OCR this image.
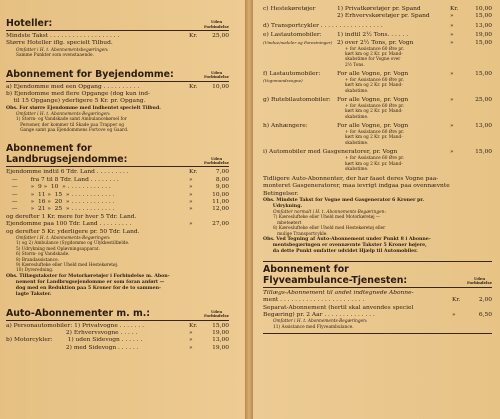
Hoteller:	Uden
Forbindelse
Mindste Takst . . . . . . . . . . . . . . . . . . .	Kr.	25,00
Større Hoteller iflg. specielt Tilbud.
Omfatter i H. t. Abonnementsbegæringen:
Samme Punkter som ovenstaaende.
Abonnement for Byejendomme:	Uden
Forbindelse
a) Ejendomme med een Opgang . . . . . . . . . .	Kr.	10,00
b) Ejendomme med flere Opgange (dog kun ind-
til 15 Opgange) yderligere 5 Kr. pr. Opgang.
Obs. For større Ejendomme med Indhentet specielt Tilbud.
Omfatter i H. t. Abonnements-Begæringen:
1) Storm- og Vandskade samt Ambulancekørsel for
Personer, der kommer til Skade paa Trapper og
Gange samt paa Ejendommens Fortove og Gaard.
Abonnement for
Landbrugsejendomme:	Uden
Forbindelse
Ejendomme indtil 6 Tdr. Land . . . . . . . . .	Kr.	7,00
—       fra 7 til 8 Tdr. Land . . . . . . . .	»	8,00
—       »  9 »  10  » . . . . . . . . . . . .	»	9,00
—       »  11 »  15  » . . . . . . . . . . . .	»	10,00
—       »  16 »  20  » . . . . . . . . . . . .	»	11,00
—       »  21 »  25  » . . . . . . . . . . . .	»	12,00
og derefter 1 Kr. mere for hver 5 Tdr. Land.
Ejendomme paa 100 Tdr. Land . . . . . . . . .	»	27,00
og derefter 5 Kr. yderligere pr. 50 Tdr. Land.
Omfatter i H. t. Abonnements-Begæringen:
1) og 2) Ambulance (Sygdomme og Ulykkestilfælde.
5) Udrykning med Opløvningsapparat.
6) Storm- og Vandskade.
8) Brandassistance.
9) Kæreslufteke eller Uheld med Hestekøretøj.
10) Dyreredning.
Obs. Tillægstakster for Motorkøretøjer i Forbindelse m. Abon-
nement for Landbrugsejendomme er som foran anført —
dog med en Reduktion paa 5 Kroner for de to sammen-
lagte Takster.
Auto-Abonnementer m. m.:	Uden
Forbindelse
a) Personautomobiler: 1) Privatvogne . . . . . . .	Kr.	15,00
2) Erhvervsvogne . . . . .	»	19,00
b) Motorcykler:        1) uden Sidevogn . . . . . .	»	13,00
2) med Sidevogn . . . . . .	»	19,00
c) Hestekøretøjer	1) Privatkøretøjer pr. Spand	Kr.	10,00
2) Erhvervskøretøjer pr. Spand	»	15,00
d) Transportcykler . . . . . . . . . . . . . . . . .	»	13,00
e) Lastautomobiler:	1) indtil 2½ Tons. . . . . .	»	19,00
(Vindue/nedeler og Forestninger) 2) over 2½ Tons, pr. Vogn	»	15,00
+ for Assistance 60 Øre pr.
kørt km og 2 Kr. pr. Mand-
skabstime for Vogne over
2½ Tons.
f) Lastautomobiler:	For alle Vogne, pr. Vogn	»	15,00
(Vognmandsvogne)	+ for Assistance 60 Øre pr.
kørt km og 2 Kr. pr. Mand-
skabstime.
g) Rutebilautomobiler:	For alle Vogne, pr. Vogn	»	25,00
+ for Assistance 60 Øre pr.
kørt km og 2 Kr. pr. Mand-
skabstime.
h) Anhængere:	For alle Vogne, pr. Vogn	»	13,00
+ for Assistance 60 Øre pr.
kørt km og 2 Kr. pr. Mand-
skabstime.
i) Automobiler med Gasgeneratorer, pr. Vogn	»	15,00
+ for Assistance 60 Øre pr.
kørt km og 2 Kr. pr. Mand-
skabstime.
Tidligere Auto-Abonnenter, der har faaet deres Vogne paa-
monteret Gasgeneratorer, maa ievrigt indgaa paa ovennævnte
Betingelser.
Obs. Mindste Takst for Vogne med Gasgenerator 6 Kroner pr.
Udrykning.
Omfatter normalt i H. t. Abonnements-Begæringen:
7) Kæreslufteke eller Uheld med Motorkøretøj —
mbeteøtert
8) Kæreslufteke eller Uheld med Hestekøretøj eller
mulige Transportcykle.
Obs. Ved Tegning af Auto-Abonnement under Punkt 8 i Abonne-
mentsbegæringen er ovennævnte Takster 5 Kroner højere,
da dette Punkt omfatter udvidet Hjælp til Automobiler.
Abonnement for
Flyveambulance-Tjenesten:	Uden
Forbindelse
Tillægs-Abonnement til andet indtegnede Abonne-
ment . . . . . . . . . . . . . . . . . . . . . . .	Kr.	2,00
Separat-Abonnement (hertil skal anvendes speciel
Begæring) pr. 2 Aar . . . . . . . . . . . . . .	»	6,50
Omfatter i H. t. Abonnements-Begæringen:
11) Assistance med Flyveambulance.
